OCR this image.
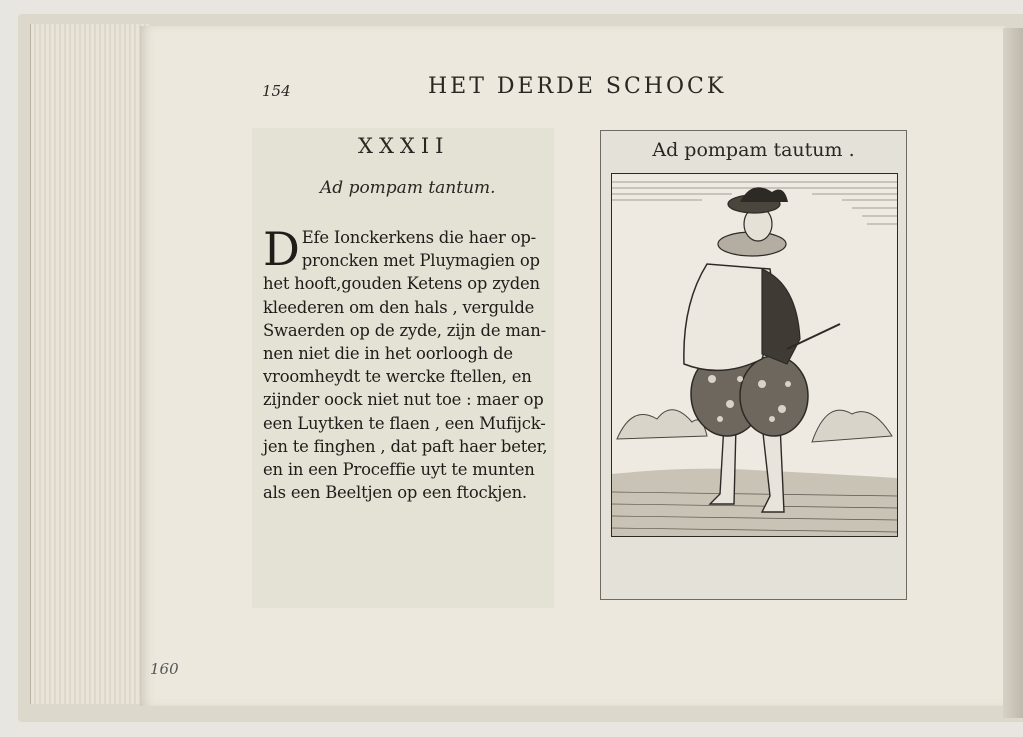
154	HET DERDE SCHOCK
XXXII
Ad pompam tantum.
D Efe Ionckerkens die haer op-
proncken met Pluymagien op
het hooft,gouden Ketens op zyden
kleederen om den hals , vergulde
Swaerden op de zyde, zijn de man-
nen niet die in het oorloogh de
vroomheydt te wercke ftellen, en
zijnder oock niet nut toe : maer op
een Luytken te flaen , een Mufijck-
jen te finghen , dat paft haer beter,
en in een Proceffie uyt te munten
als een Beeltjen op een ftockjen.
Ad pompam tautum .
160
